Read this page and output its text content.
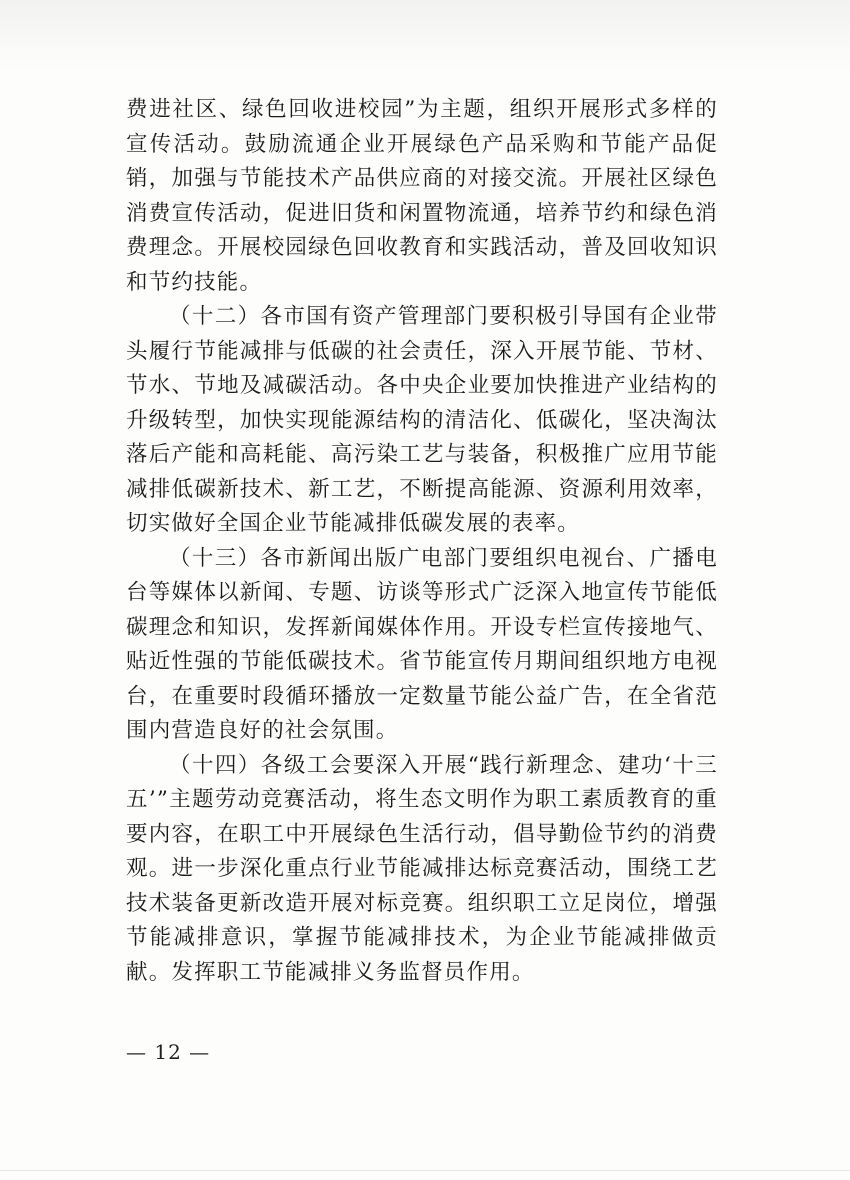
费进社区、绿色回收进校园”为主题，组织开展形式多样的宣传活动。鼓励流通企业开展绿色产品采购和节能产品促销，加强与节能技术产品供应商的对接交流。开展社区绿色消费宣传活动，促进旧货和闲置物流通，培养节约和绿色消费理念。开展校园绿色回收教育和实践活动，普及回收知识和节约技能。

（十二）各市国有资产管理部门要积极引导国有企业带头履行节能减排与低碳的社会责任，深入开展节能、节材、节水、节地及减碳活动。各中央企业要加快推进产业结构的升级转型，加快实现能源结构的清洁化、低碳化，坚决淘汰落后产能和高耗能、高污染工艺与装备，积极推广应用节能减排低碳新技术、新工艺，不断提高能源、资源利用效率，切实做好全国企业节能减排低碳发展的表率。

（十三）各市新闻出版广电部门要组织电视台、广播电台等媒体以新闻、专题、访谈等形式广泛深入地宣传节能低碳理念和知识，发挥新闻媒体作用。开设专栏宣传接地气、贴近性强的节能低碳技术。省节能宣传月期间组织地方电视台，在重要时段循环播放一定数量节能公益广告，在全省范围内营造良好的社会氛围。

（十四）各级工会要深入开展“践行新理念、建功‘十三五’”主题劳动竞赛活动，将生态文明作为职工素质教育的重要内容，在职工中开展绿色生活行动，倡导勤俭节约的消费观。进一步深化重点行业节能减排达标竞赛活动，围绕工艺技术装备更新改造开展对标竞赛。组织职工立足岗位，增强节能减排意识，掌握节能减排技术，为企业节能减排做贡献。发挥职工节能减排义务监督员作用。

— 12 —
